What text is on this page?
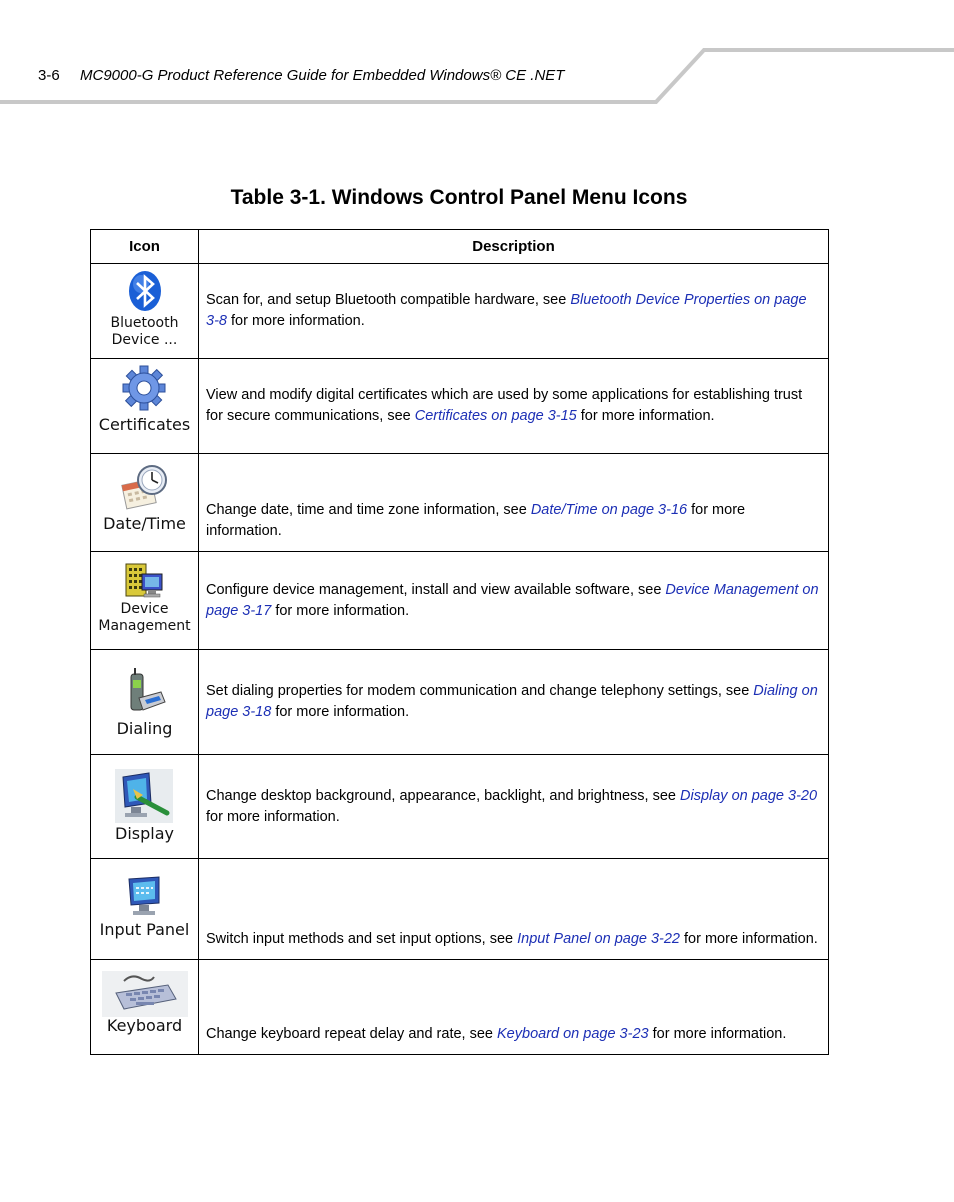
3-6 MC9000-G Product Reference Guide for Embedded Windows® CE .NET
Table 3-1. Windows Control Panel Menu Icons
Icon	Description

Bluetooth Device ...	Scan for, and setup Bluetooth compatible hardware, see Bluetooth Device Properties on page 3-8 for more information.

Certificates	View and modify digital certificates which are used by some applications for establishing trust for secure communications, see Certificates on page 3-15 for more information.

Date/Time	Change date, time and time zone information, see Date/Time on page 3-16 for more information.

Device Management	Configure device management, install and view available software, see Device Management on page 3-17 for more information.

Dialing	Set dialing properties for modem communication and change telephony settings, see Dialing on page 3-18 for more information.

Display	Change desktop background, appearance, backlight, and brightness, see Display on page 3-20 for more information.

Input Panel	Switch input methods and set input options, see Input Panel on page 3-22 for more information.

Keyboard	Change keyboard repeat delay and rate, see Keyboard on page 3-23 for more information.
